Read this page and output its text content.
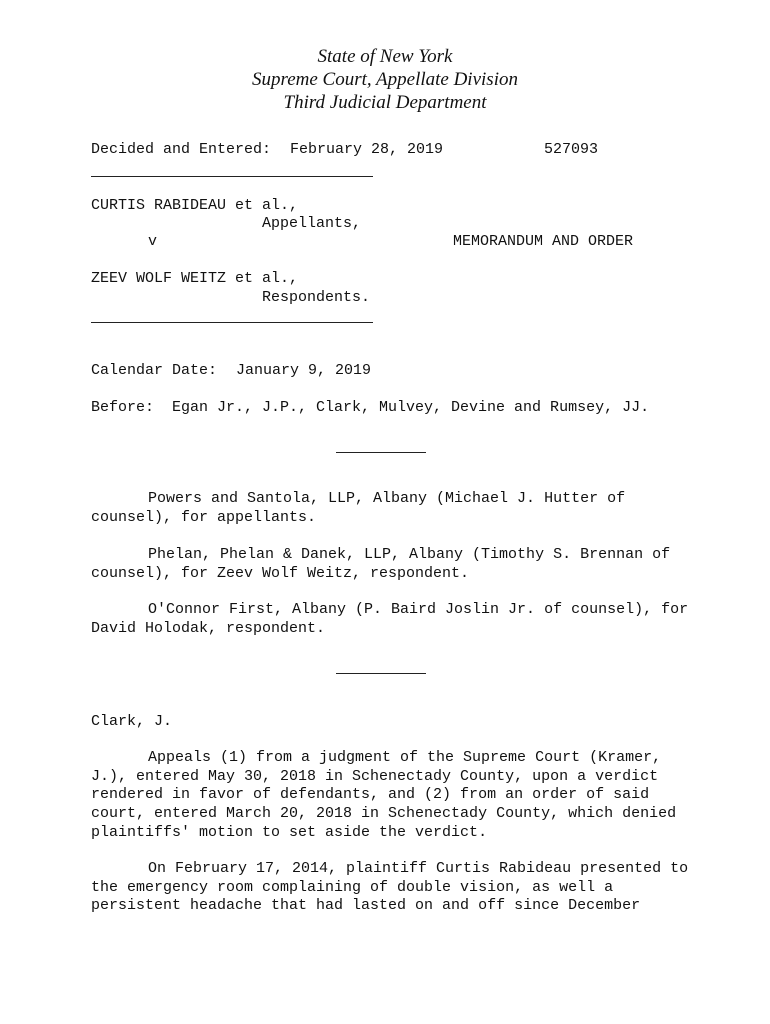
State of New York
Supreme Court, Appellate Division
Third Judicial Department
Decided and Entered: February 28, 2019	527093
CURTIS RABIDEAU et al.,
Appellants,
v	MEMORANDUM AND ORDER
ZEEV WOLF WEITZ et al.,
Respondents.
Calendar Date: January 9, 2019
Before: Egan Jr., J.P., Clark, Mulvey, Devine and Rumsey, JJ.
Powers and Santola, LLP, Albany (Michael J. Hutter of counsel), for appellants.
Phelan, Phelan & Danek, LLP, Albany (Timothy S. Brennan of counsel), for Zeev Wolf Weitz, respondent.
O'Connor First, Albany (P. Baird Joslin Jr. of counsel), for David Holodak, respondent.
Clark, J.
Appeals (1) from a judgment of the Supreme Court (Kramer, J.), entered May 30, 2018 in Schenectady County, upon a verdict rendered in favor of defendants, and (2) from an order of said court, entered March 20, 2018 in Schenectady County, which denied plaintiffs' motion to set aside the verdict.
On February 17, 2014, plaintiff Curtis Rabideau presented to the emergency room complaining of double vision, as well a persistent headache that had lasted on and off since December
